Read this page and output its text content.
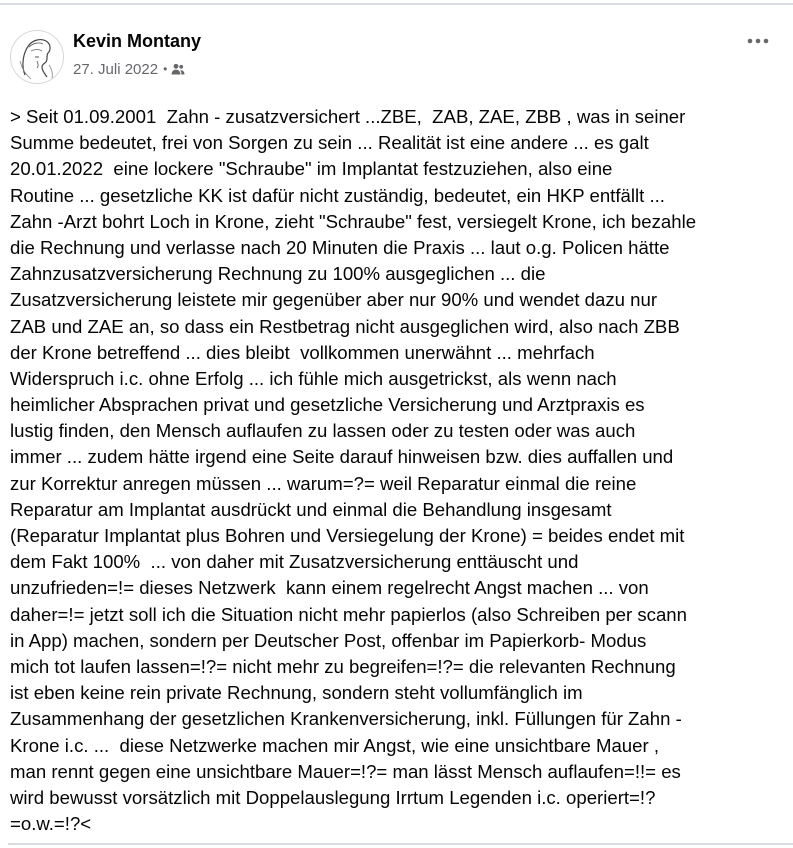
Kevin Montany
27. Juli 2022 •
> Seit 01.09.2001  Zahn - zusatzversichert ...ZBE,  ZAB, ZAE, ZBB , was in seiner
Summe bedeutet, frei von Sorgen zu sein ... Realität ist eine andere ... es galt
20.01.2022  eine lockere "Schraube" im Implantat festzuziehen, also eine
Routine ... gesetzliche KK ist dafür nicht zuständig, bedeutet, ein HKP entfällt ...
Zahn -Arzt bohrt Loch in Krone, zieht "Schraube" fest, versiegelt Krone, ich bezahle
die Rechnung und verlasse nach 20 Minuten die Praxis ... laut o.g. Policen hätte
Zahnzusatzversicherung Rechnung zu 100% ausgeglichen ... die
Zusatzversicherung leistete mir gegenüber aber nur 90% und wendet dazu nur
ZAB und ZAE an, so dass ein Restbetrag nicht ausgeglichen wird, also nach ZBB
der Krone betreffend ... dies bleibt  vollkommen unerwähnt ... mehrfach
Widerspruch i.c. ohne Erfolg ... ich fühle mich ausgetrickst, als wenn nach
heimlicher Absprachen privat und gesetzliche Versicherung und Arztpraxis es
lustig finden, den Mensch auflaufen zu lassen oder zu testen oder was auch
immer ... zudem hätte irgend eine Seite darauf hinweisen bzw. dies auffallen und
zur Korrektur anregen müssen ... warum=?= weil Reparatur einmal die reine
Reparatur am Implantat ausdrückt und einmal die Behandlung insgesamt
(Reparatur Implantat plus Bohren und Versiegelung der Krone) = beides endet mit
dem Fakt 100%  ... von daher mit Zusatzversicherung enttäuscht und
unzufrieden=!= dieses Netzwerk  kann einem regelrecht Angst machen ... von
daher=!= jetzt soll ich die Situation nicht mehr papierlos (also Schreiben per scann
in App) machen, sondern per Deutscher Post, offenbar im Papierkorb- Modus
mich tot laufen lassen=!?= nicht mehr zu begreifen=!?= die relevanten Rechnung
ist eben keine rein private Rechnung, sondern steht vollumfänglich im
Zusammenhang der gesetzlichen Krankenversicherung, inkl. Füllungen für Zahn -
Krone i.c. ...  diese Netzwerke machen mir Angst, wie eine unsichtbare Mauer ,
man rennt gegen eine unsichtbare Mauer=!?= man lässt Mensch auflaufen=!!= es
wird bewusst vorsätzlich mit Doppelauslegung Irrtum Legenden i.c. operiert=!?
=o.w.=!?<
